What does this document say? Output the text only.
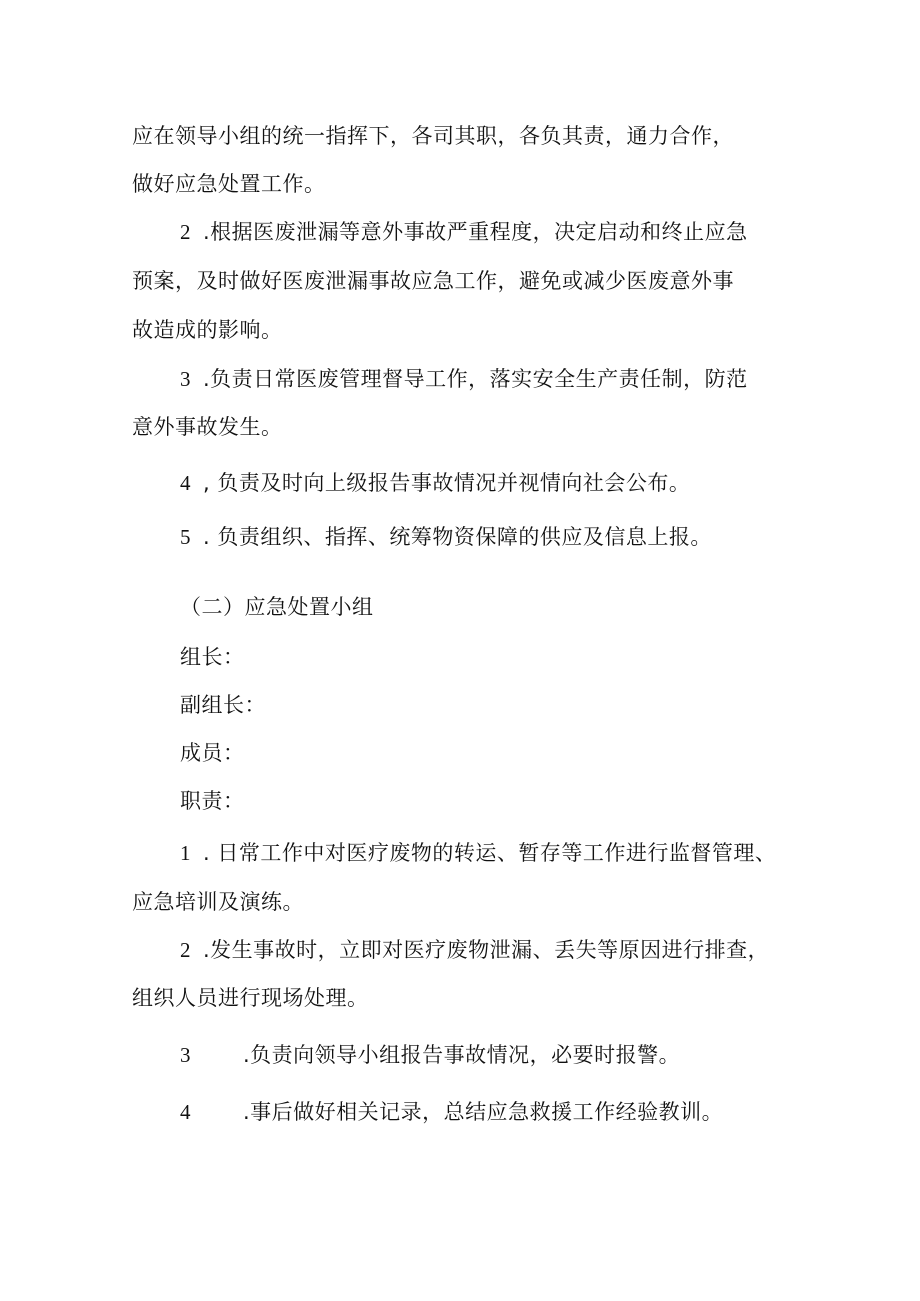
应在领导小组的统一指挥下，各司其职，各负其责，通力合作，
做好应急处置工作。
2 .根据医废泄漏等意外事故严重程度，决定启动和终止应急
预案，及时做好医废泄漏事故应急工作，避免或减少医废意外事
故造成的影响。
3 .负责日常医废管理督导工作，落实安全生产责任制，防范
意外事故发生。
4 , 负责及时向上级报告事故情况并视情向社会公布。
5 . 负责组织、指挥、统筹物资保障的供应及信息上报。
（二）应急处置小组
组长：
副组长：
成员：
职责：
1 . 日常工作中对医疗废物的转运、暂存等工作进行监督管理、
应急培训及演练。
2 .发生事故时，立即对医疗废物泄漏、丢失等原因进行排查，
组织人员进行现场处理。
3 .负责向领导小组报告事故情况，必要时报警。
4 .事后做好相关记录，总结应急救援工作经验教训。
